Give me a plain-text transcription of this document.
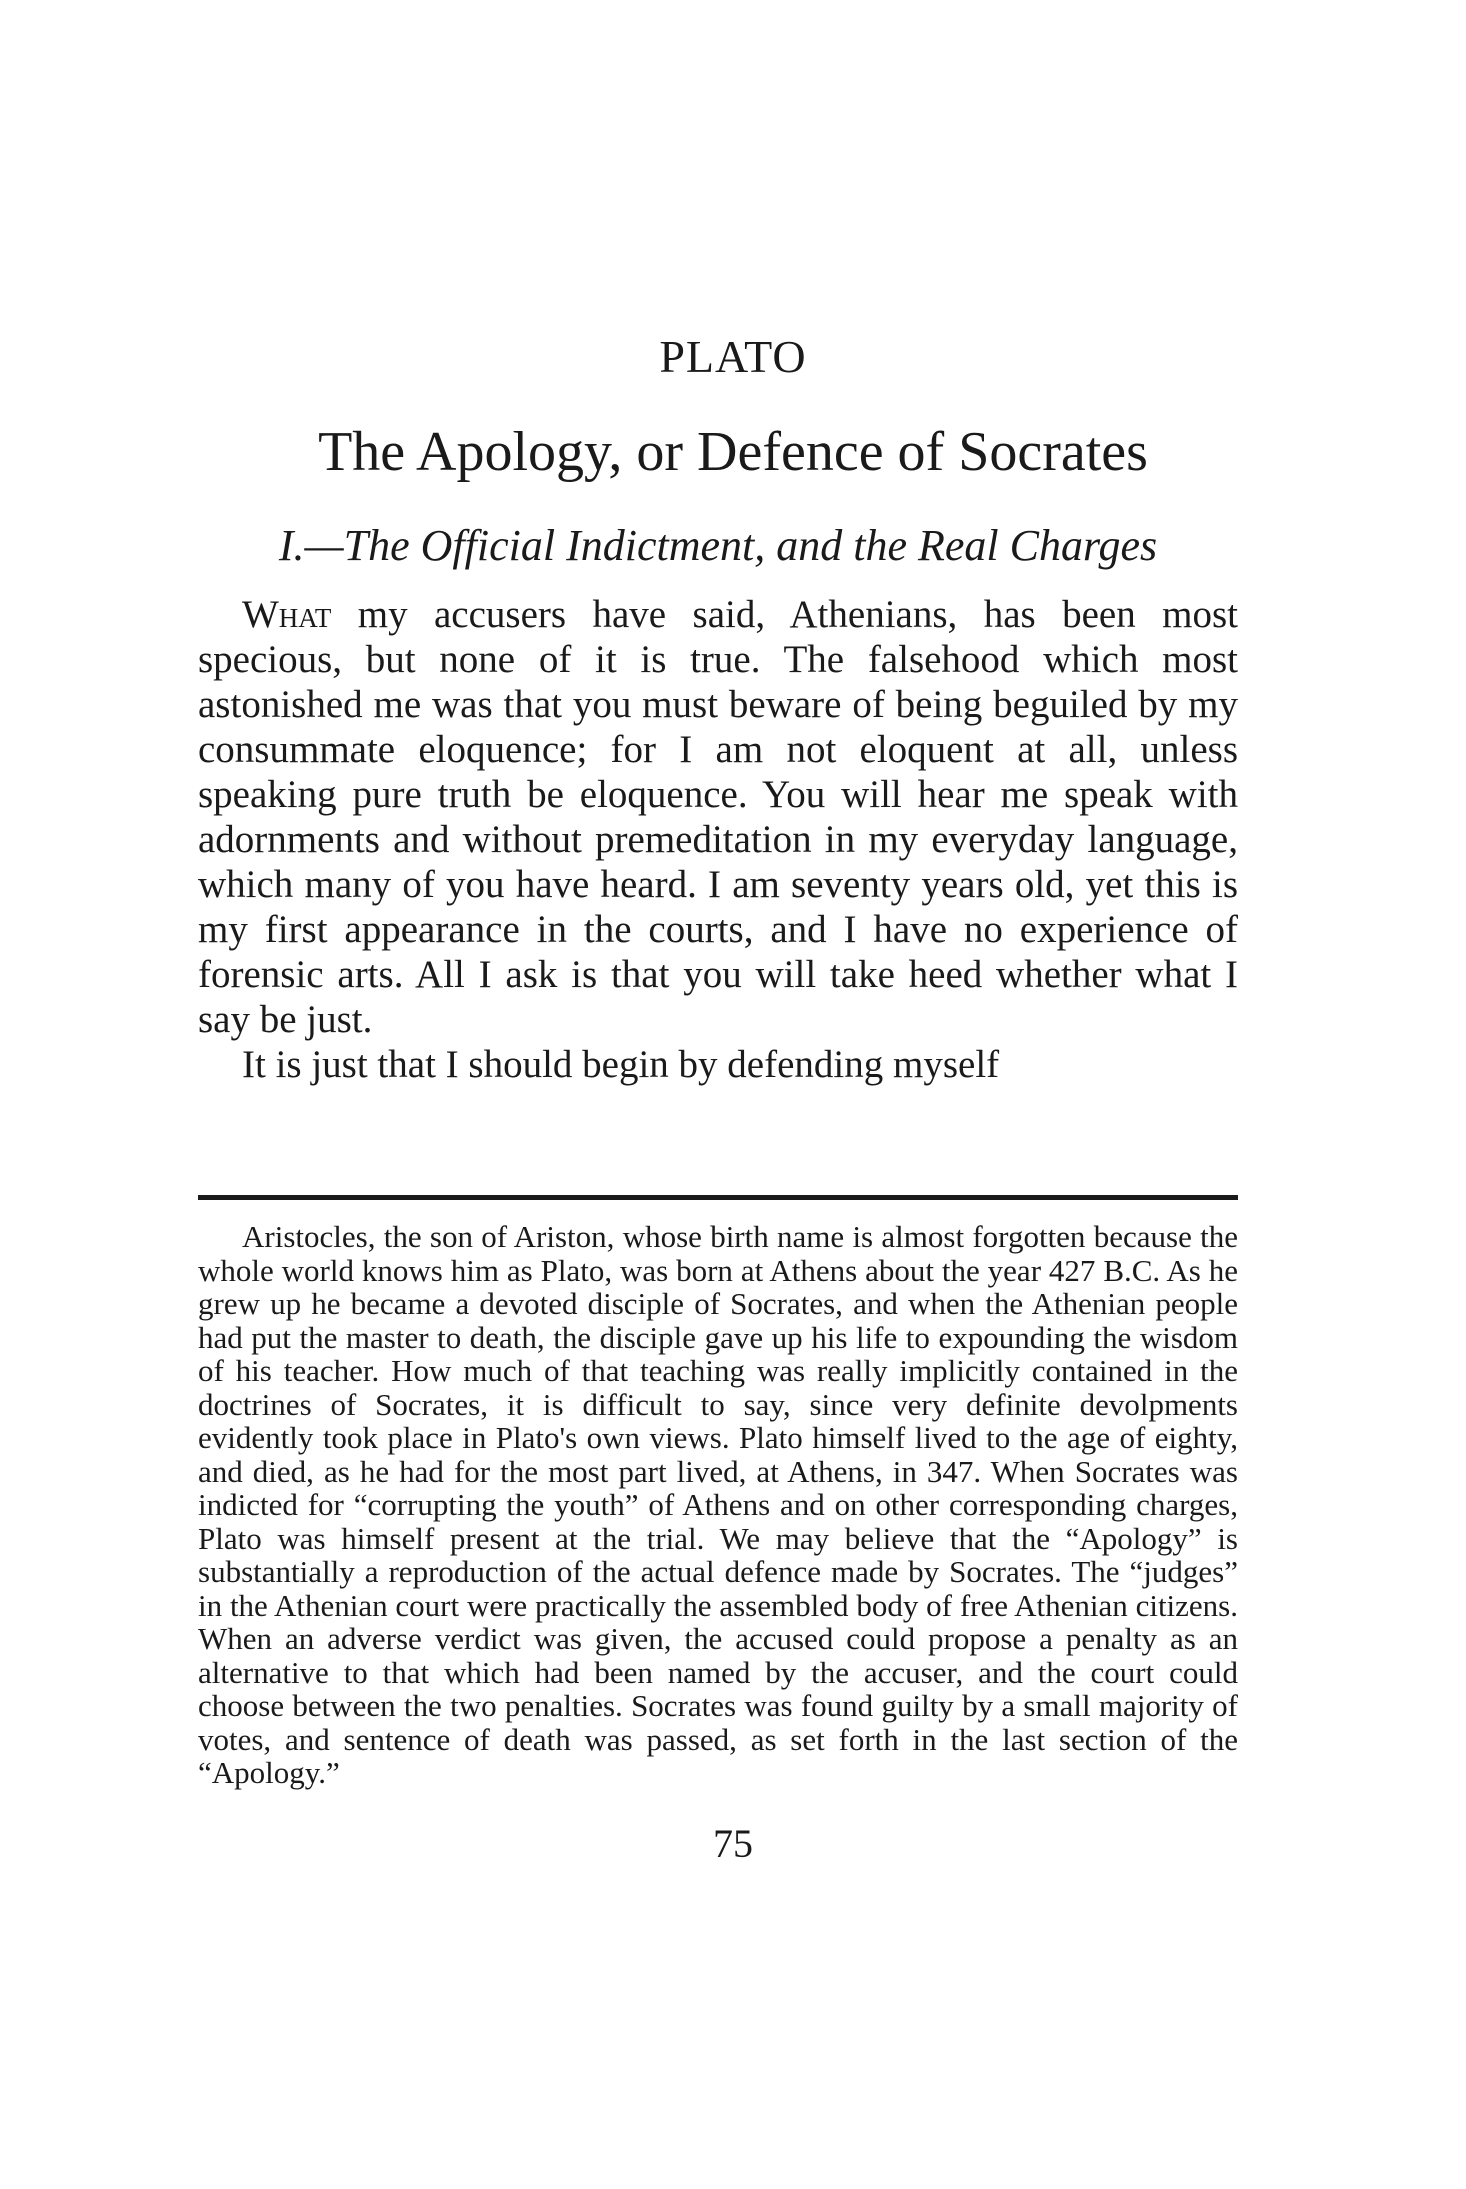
PLATO
The Apology, or Defence of Socrates
I.—The Official Indictment, and the Real Charges

What my accusers have said, Athenians, has been most specious, but none of it is true. The falsehood which most astonished me was that you must beware of being beguiled by my consummate eloquence; for I am not eloquent at all, unless speaking pure truth be eloquence. You will hear me speak with adornments and without premeditation in my everyday language, which many of you have heard. I am seventy years old, yet this is my first appearance in the courts, and I have no experience of forensic arts. All I ask is that you will take heed whether what I say be just.

It is just that I should begin by defending myself

Aristocles, the son of Ariston, whose birth name is almost forgotten because the whole world knows him as Plato, was born at Athens about the year 427 B.C. As he grew up he became a devoted disciple of Socrates, and when the Athenian people had put the master to death, the disciple gave up his life to expounding the wisdom of his teacher. How much of that teaching was really implicitly contained in the doctrines of Socrates, it is difficult to say, since very definite devolpments evidently took place in Plato's own views. Plato himself lived to the age of eighty, and died, as he had for the most part lived, at Athens, in 347. When Socrates was indicted for “corrupting the youth” of Athens and on other corresponding charges, Plato was himself present at the trial. We may believe that the “Apology” is substantially a reproduction of the actual defence made by Socrates. The “judges” in the Athenian court were practically the assembled body of free Athenian citizens. When an adverse verdict was given, the accused could propose a penalty as an alternative to that which had been named by the accuser, and the court could choose between the two penalties. Socrates was found guilty by a small majority of votes, and sentence of death was passed, as set forth in the last section of the “Apology.”

75
